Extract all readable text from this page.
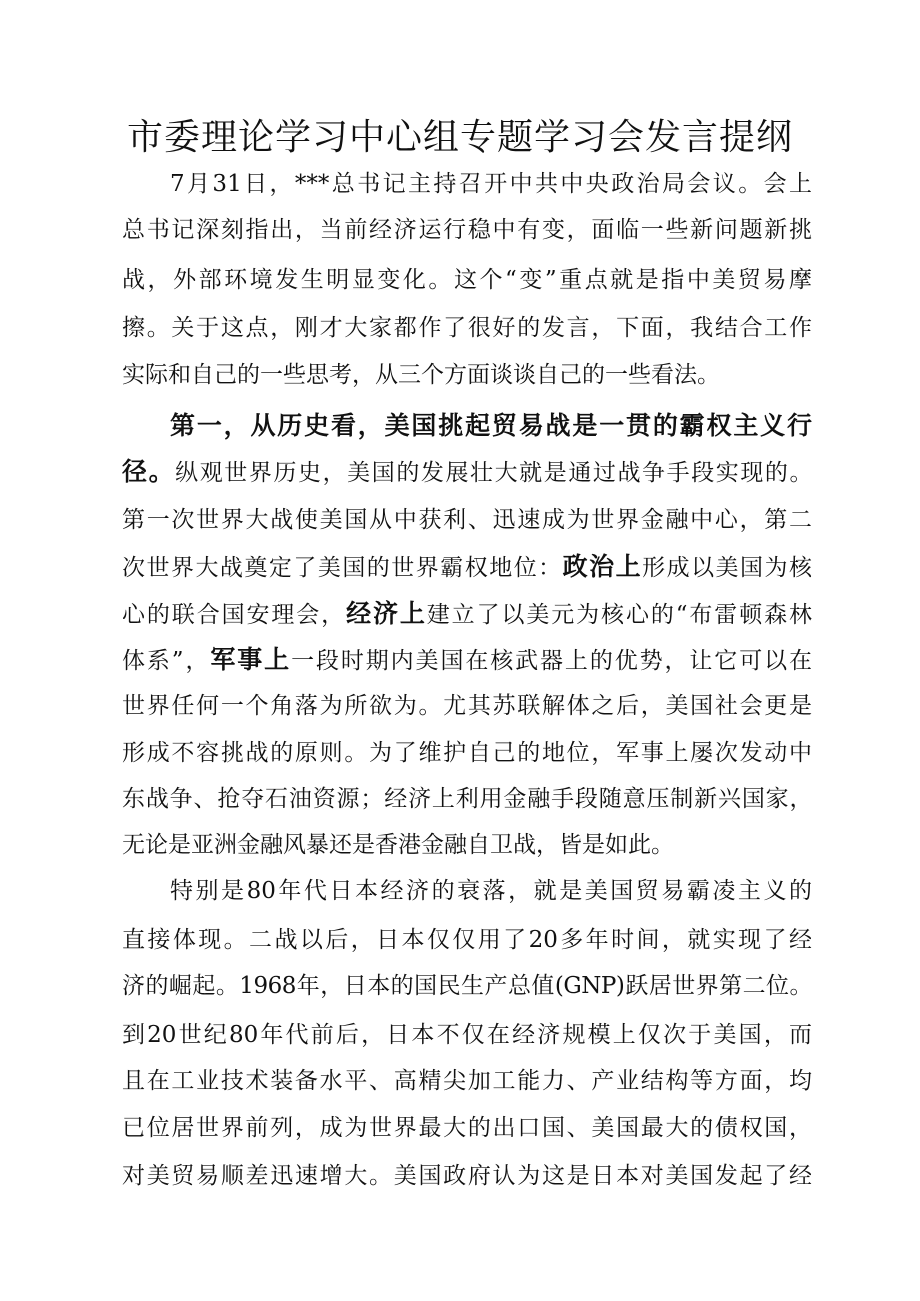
市委理论学习中心组专题学习会发言提纲
7月31日，***总书记主持召开中共中央政治局会议。会上
总书记深刻指出，当前经济运行稳中有变，面临一些新问题新挑
战，外部环境发生明显变化。这个“变”重点就是指中美贸易摩
擦。关于这点，刚才大家都作了很好的发言，下面，我结合工作
实际和自己的一些思考，从三个方面谈谈自己的一些看法。
第一，从历史看，美国挑起贸易战是一贯的霸权主义行
径。纵观世界历史，美国的发展壮大就是通过战争手段实现的。
第一次世界大战使美国从中获利、迅速成为世界金融中心，第二
次世界大战奠定了美国的世界霸权地位：政治上形成以美国为核
心的联合国安理会，经济上建立了以美元为核心的“布雷顿森林
体系”，军事上一段时期内美国在核武器上的优势，让它可以在
世界任何一个角落为所欲为。尤其苏联解体之后，美国社会更是
形成不容挑战的原则。为了维护自己的地位，军事上屡次发动中
东战争、抢夺石油资源；经济上利用金融手段随意压制新兴国家，
无论是亚洲金融风暴还是香港金融自卫战，皆是如此。
特别是80年代日本经济的衰落，就是美国贸易霸凌主义的
直接体现。二战以后，日本仅仅用了20多年时间，就实现了经
济的崛起。1968年，日本的国民生产总值(GNP)跃居世界第二位。
到20世纪80年代前后，日本不仅在经济规模上仅次于美国，而
且在工业技术装备水平、高精尖加工能力、产业结构等方面，均
已位居世界前列，成为世界最大的出口国、美国最大的债权国，
对美贸易顺差迅速增大。美国政府认为这是日本对美国发起了经
